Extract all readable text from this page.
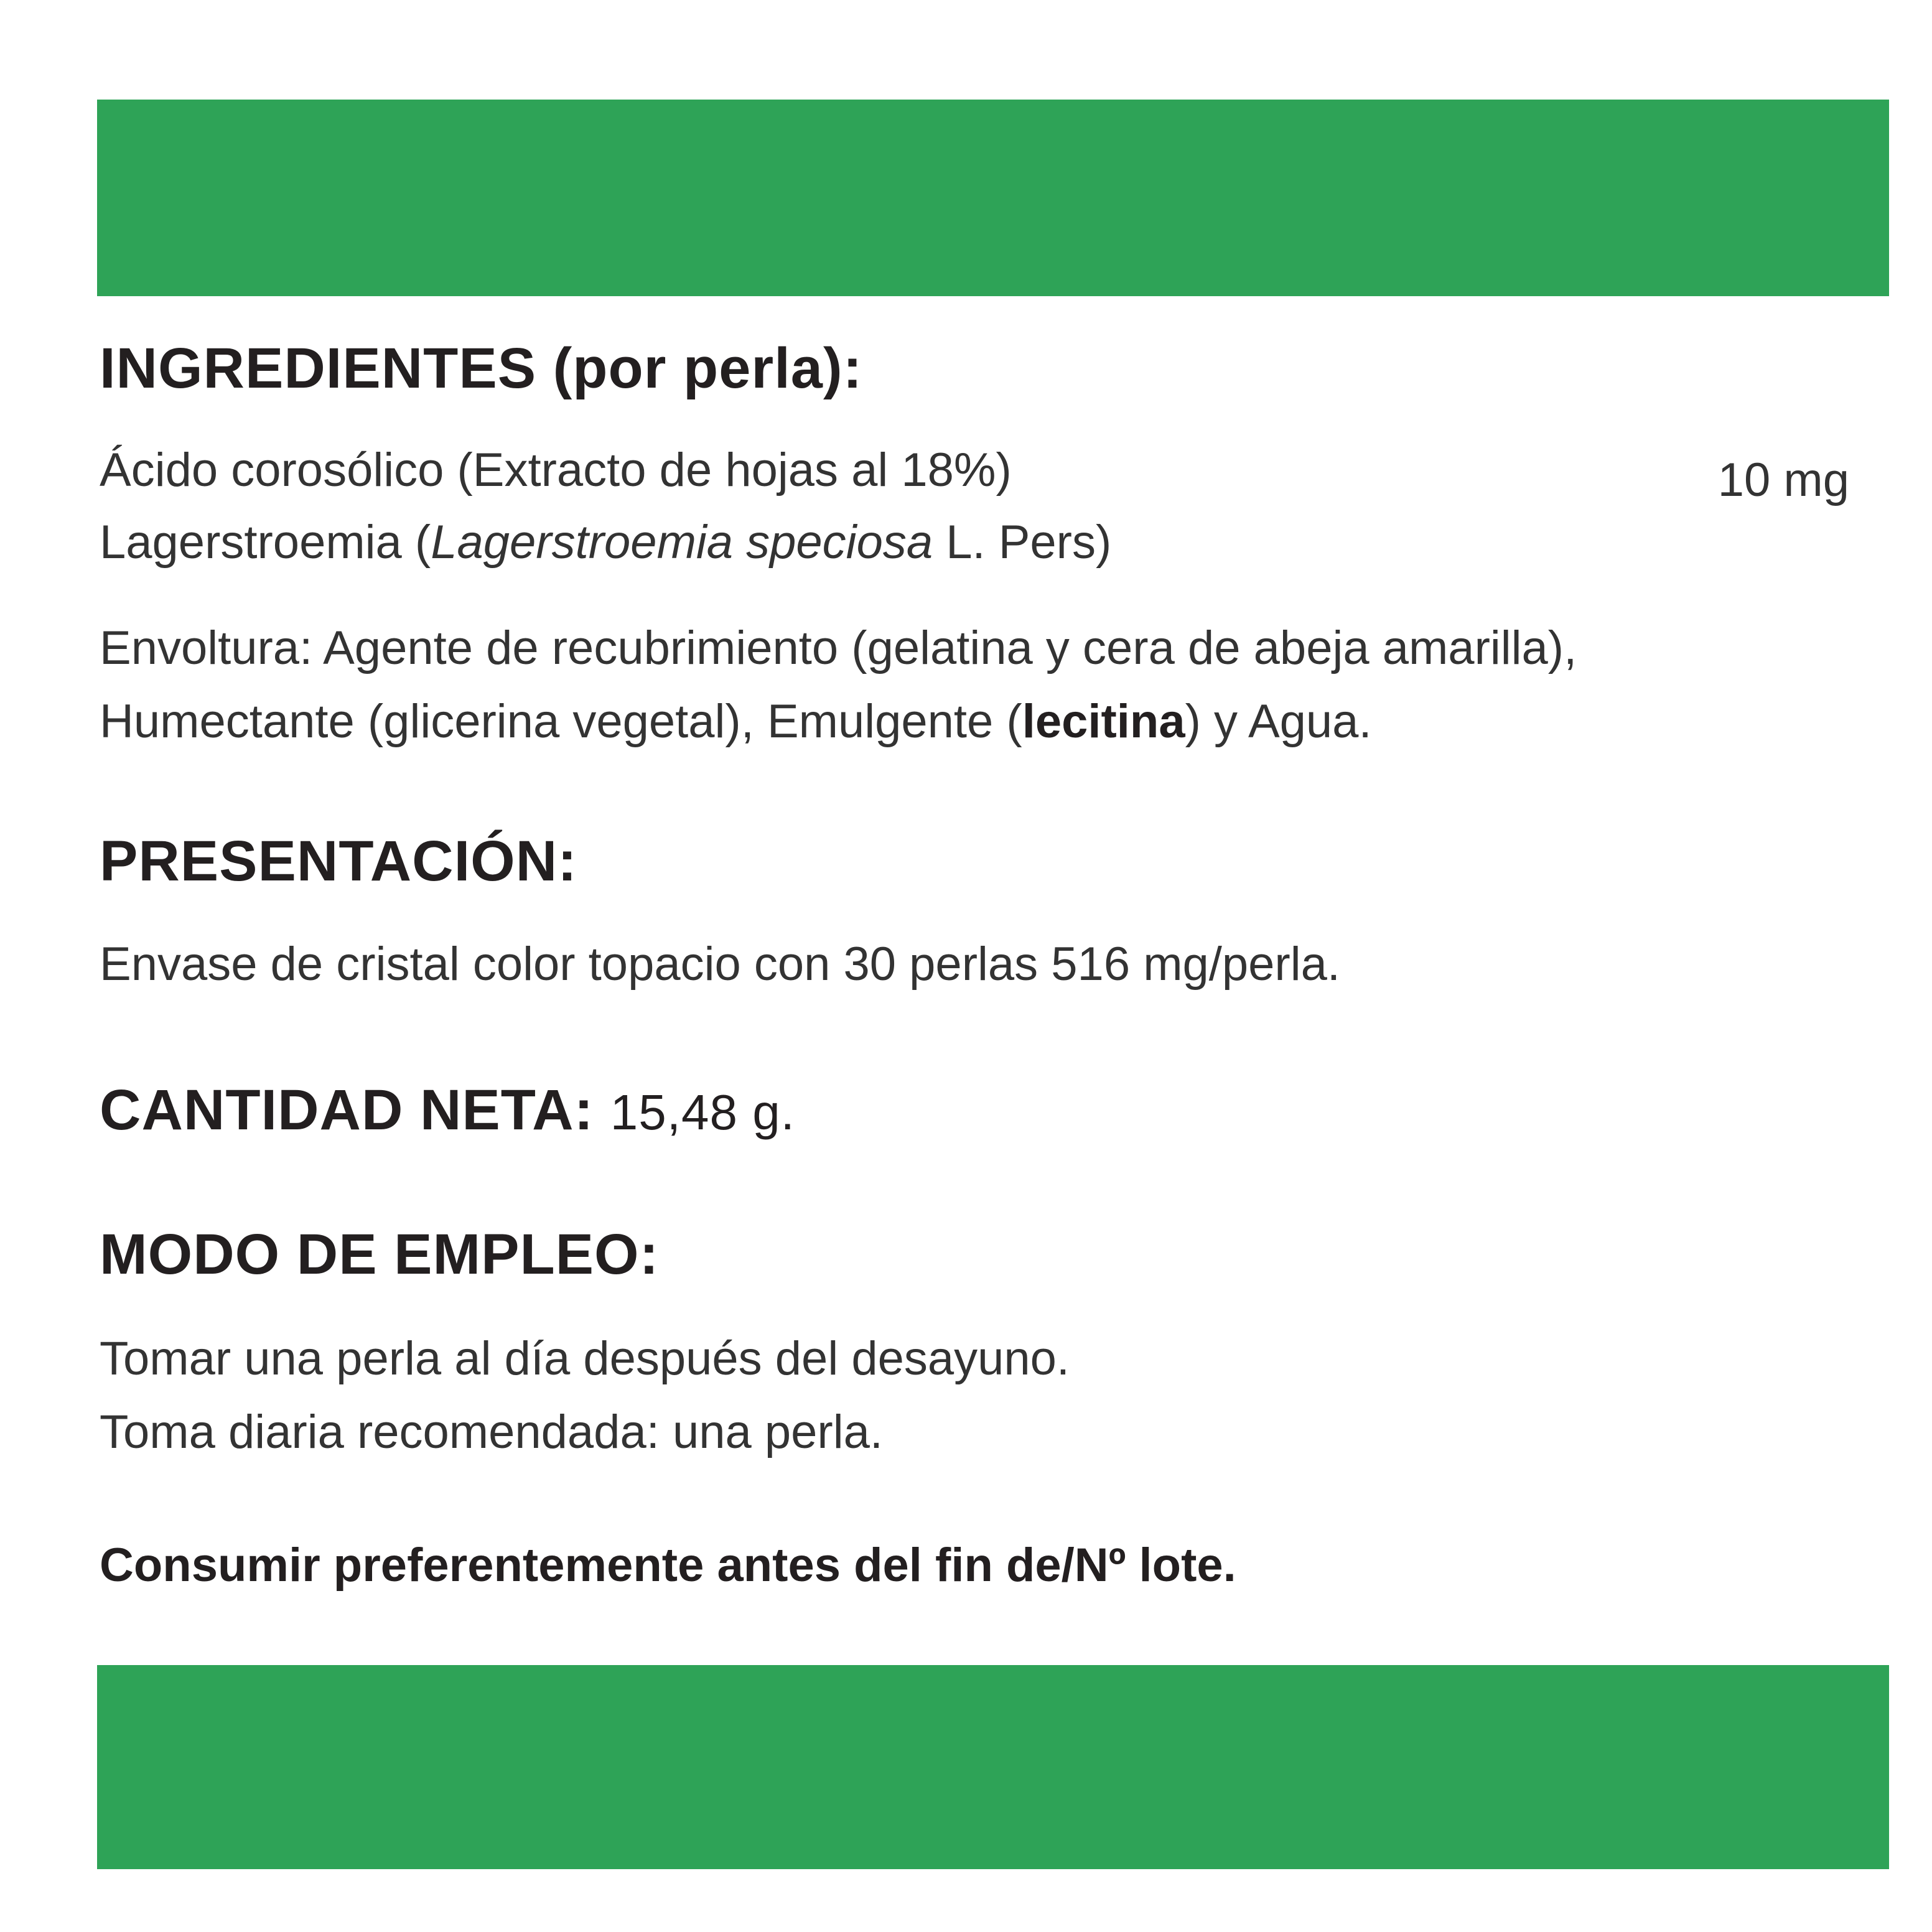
INGREDIENTES (por perla):
Ácido corosólico (Extracto de hojas al 18%)	10 mg
Lagerstroemia (Lagerstroemia speciosa L. Pers)
Envoltura: Agente de recubrimiento (gelatina y cera de abeja amarilla),
Humectante (glicerina vegetal), Emulgente (lecitina) y Agua.
PRESENTACIÓN:
Envase de cristal color topacio con 30 perlas 516 mg/perla.
CANTIDAD NETA: 15,48 g.
MODO DE EMPLEO:
Tomar una perla al día después del desayuno.
Toma diaria recomendada: una perla.
Consumir preferentemente antes del fin de/Nº lote.
